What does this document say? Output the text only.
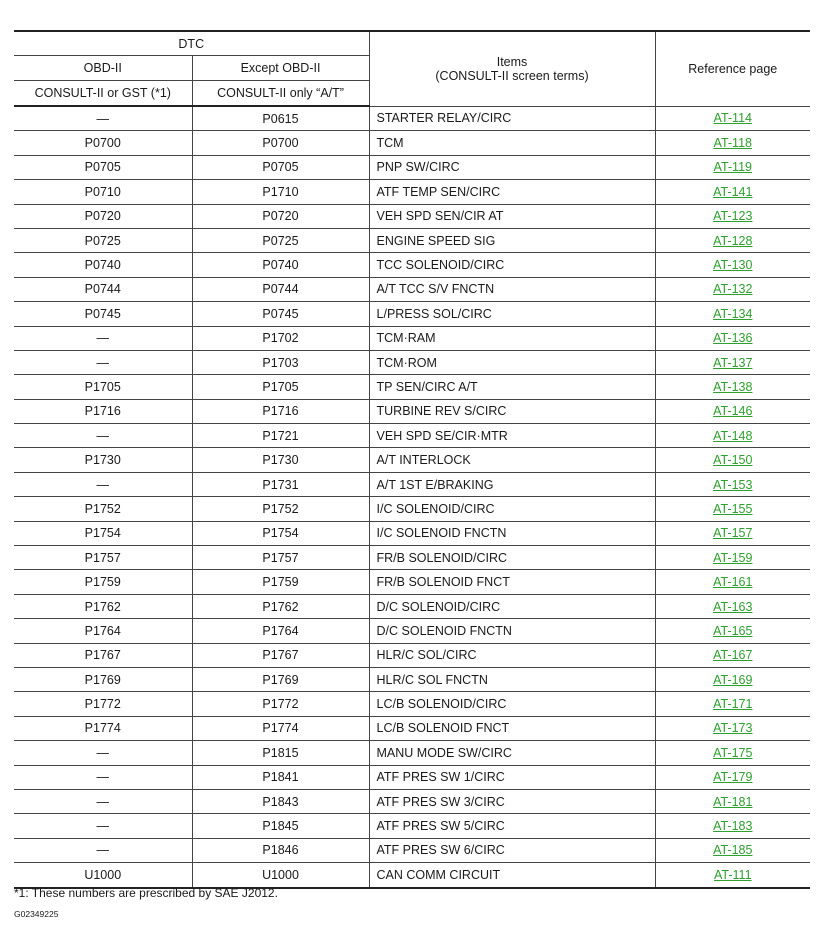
DTC		Items
(CONSULT-II screen terms)	Reference page
OBD-II	Except OBD-II		
CONSULT-II or GST (*1)	CONSULT-II only “A/T”		
—	P0615	STARTER RELAY/CIRC	AT-114
P0700	P0700	TCM	AT-118
P0705	P0705	PNP SW/CIRC	AT-119
P0710	P1710	ATF TEMP SEN/CIRC	AT-141
P0720	P0720	VEH SPD SEN/CIR AT	AT-123
P0725	P0725	ENGINE SPEED SIG	AT-128
P0740	P0740	TCC SOLENOID/CIRC	AT-130
P0744	P0744	A/T TCC S/V FNCTN	AT-132
P0745	P0745	L/PRESS SOL/CIRC	AT-134
—	P1702	TCM·RAM	AT-136
—	P1703	TCM·ROM	AT-137
P1705	P1705	TP SEN/CIRC A/T	AT-138
P1716	P1716	TURBINE REV S/CIRC	AT-146
—	P1721	VEH SPD SE/CIR·MTR	AT-148
P1730	P1730	A/T INTERLOCK	AT-150
—	P1731	A/T 1ST E/BRAKING	AT-153
P1752	P1752	I/C SOLENOID/CIRC	AT-155
P1754	P1754	I/C SOLENOID FNCTN	AT-157
P1757	P1757	FR/B SOLENOID/CIRC	AT-159
P1759	P1759	FR/B SOLENOID FNCT	AT-161
P1762	P1762	D/C SOLENOID/CIRC	AT-163
P1764	P1764	D/C SOLENOID FNCTN	AT-165
P1767	P1767	HLR/C SOL/CIRC	AT-167
P1769	P1769	HLR/C SOL FNCTN	AT-169
P1772	P1772	LC/B SOLENOID/CIRC	AT-171
P1774	P1774	LC/B SOLENOID FNCT	AT-173
—	P1815	MANU MODE SW/CIRC	AT-175
—	P1841	ATF PRES SW 1/CIRC	AT-179
—	P1843	ATF PRES SW 3/CIRC	AT-181
—	P1845	ATF PRES SW 5/CIRC	AT-183
—	P1846	ATF PRES SW 6/CIRC	AT-185
U1000	U1000	CAN COMM CIRCUIT	AT-111
*1: These numbers are prescribed by SAE J2012.
G02349225
